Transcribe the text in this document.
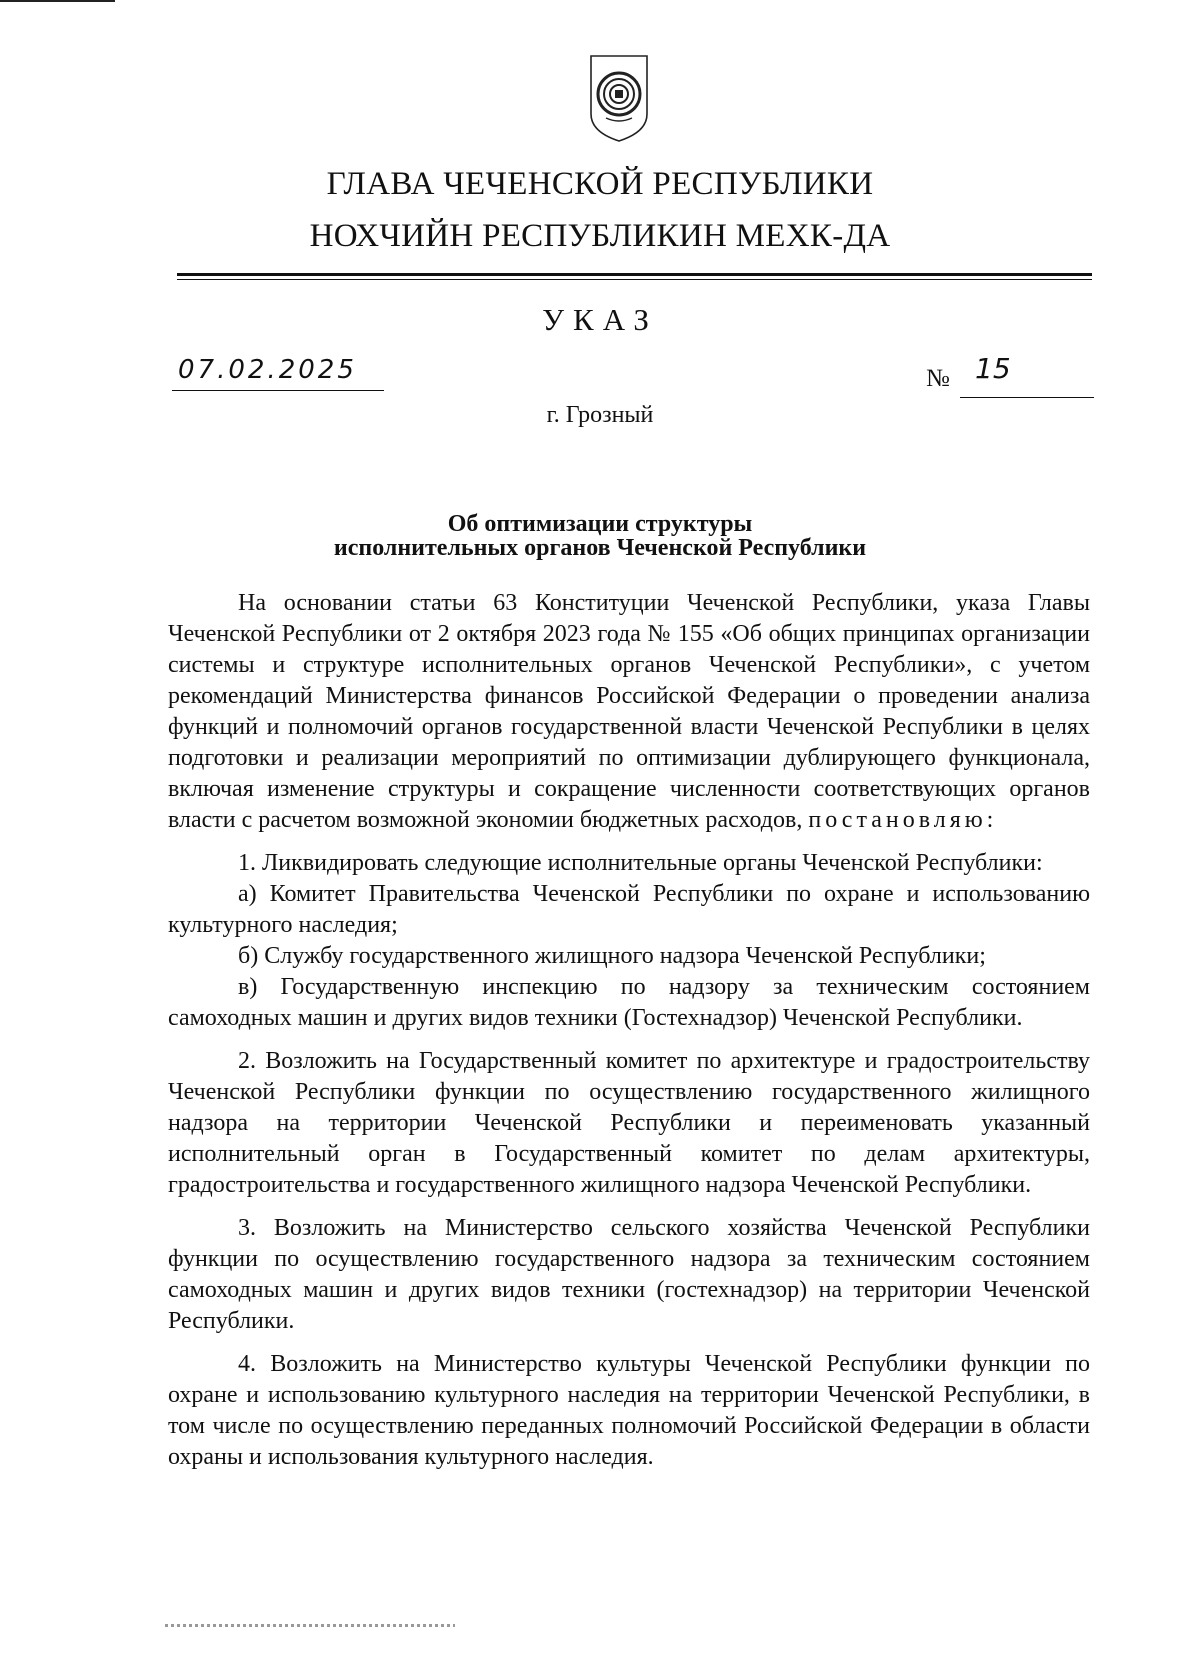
ГЛАВА ЧЕЧЕНСКОЙ РЕСПУБЛИКИ
НОХЧИЙН РЕСПУБЛИКИН МЕХК-ДА
УКАЗ
07.02.2025	№ 15
г. Грозный
Об оптимизации структуры
исполнительных органов Чеченской Республики

На основании статьи 63 Конституции Чеченской Республики, указа Главы Чеченской Республики от 2 октября 2023 года № 155 «Об общих принципах организации системы и структуре исполнительных органов Чеченской Республики», с учетом рекомендаций Министерства финансов Российской Федерации о проведении анализа функций и полномочий органов государственной власти Чеченской Республики в целях подготовки и реализации мероприятий по оптимизации дублирующего функционала, включая изменение структуры и сокращение численности соответствующих органов власти с расчетом возможной экономии бюджетных расходов, постановляю:

1. Ликвидировать следующие исполнительные органы Чеченской Республики:

а) Комитет Правительства Чеченской Республики по охране и использованию культурного наследия;

б) Службу государственного жилищного надзора Чеченской Республики;

в) Государственную инспекцию по надзору за техническим состоянием самоходных машин и других видов техники (Гостехнадзор) Чеченской Республики.

2. Возложить на Государственный комитет по архитектуре и градостроительству Чеченской Республики функции по осуществлению государственного жилищного надзора на территории Чеченской Республики и переименовать указанный исполнительный орган в Государственный комитет по делам архитектуры, градостроительства и государственного жилищного надзора Чеченской Республики.

3. Возложить на Министерство сельского хозяйства Чеченской Республики функции по осуществлению государственного надзора за техническим состоянием самоходных машин и других видов техники (гостехнадзор) на территории Чеченской Республики.

4. Возложить на Министерство культуры Чеченской Республики функции по охране и использованию культурного наследия на территории Чеченской Республики, в том числе по осуществлению переданных полномочий Российской Федерации в области охраны и использования культурного наследия.
